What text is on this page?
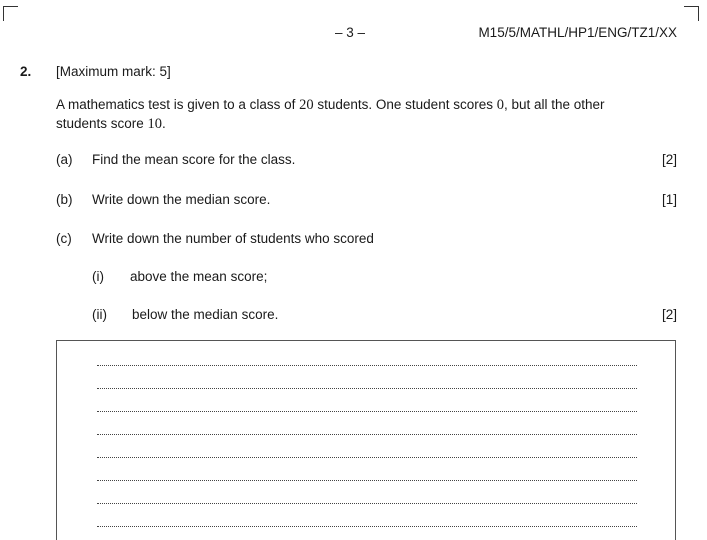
– 3 –	M15/5/MATHL/HP1/ENG/TZ1/XX
2. [Maximum mark: 5]
A mathematics test is given to a class of 20 students. One student scores 0, but all the other
students score 10.
(a) Find the mean score for the class.	[2]
(b) Write down the median score.	[1]
(c) Write down the number of students who scored
(i) above the mean score;
(ii) below the median score.	[2]
